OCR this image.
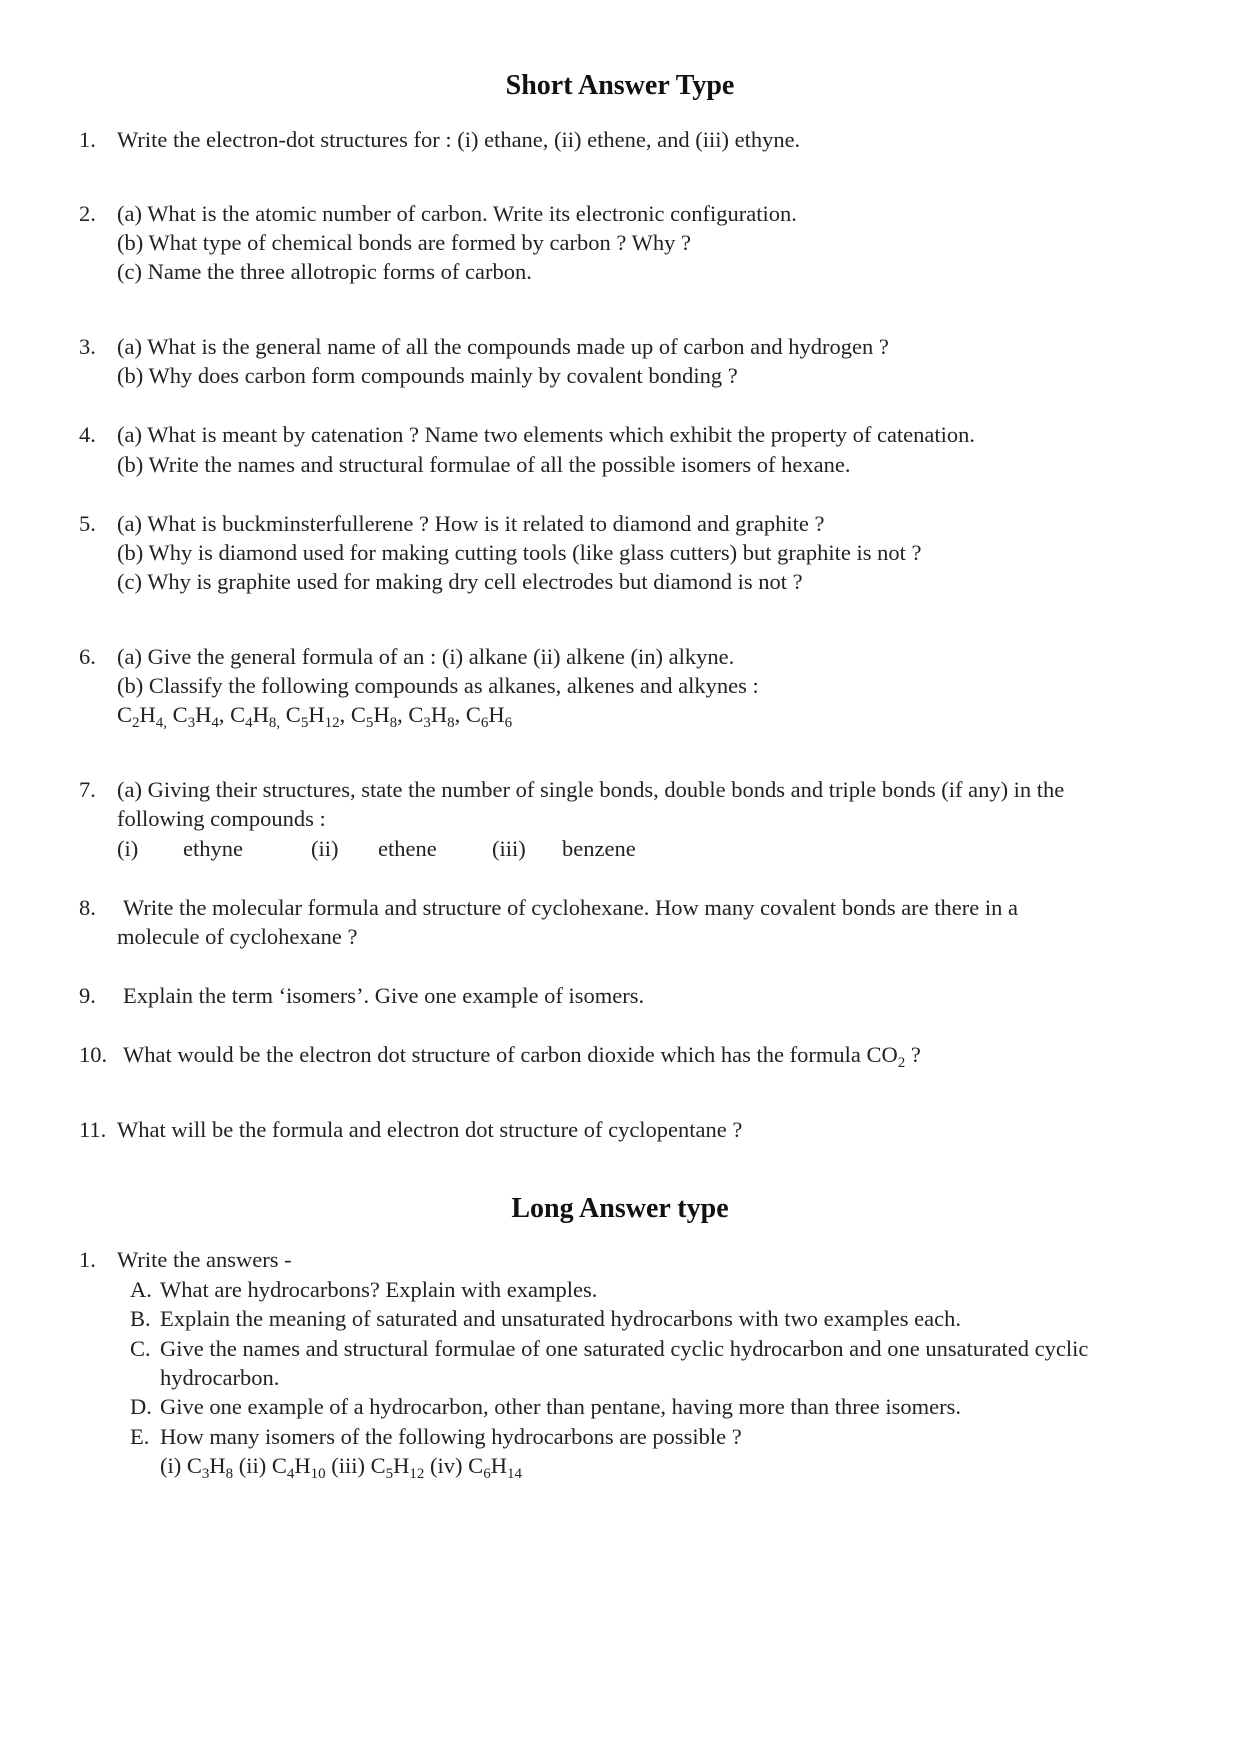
Short Answer Type
1. Write the electron-dot structures for : (i) ethane, (ii) ethene, and (iii) ethyne.
2. (a) What is the atomic number of carbon. Write its electronic configuration.
(b) What type of chemical bonds are formed by carbon ? Why ?
(c) Name the three allotropic forms of carbon.
3. (a) What is the general name of all the compounds made up of carbon and hydrogen ?
(b) Why does carbon form compounds mainly by covalent bonding ?
4. (a) What is meant by catenation ? Name two elements which exhibit the property of catenation.
(b) Write the names and structural formulae of all the possible isomers of hexane.
5. (a) What is buckminsterfullerene ? How is it related to diamond and graphite ?
(b) Why is diamond used for making cutting tools (like glass cutters) but graphite is not ?
(c) Why is graphite used for making dry cell electrodes but diamond is not ?
6. (a) Give the general formula of an : (i) alkane (ii) alkene (in) alkyne.
(b) Classify the following compounds as alkanes, alkenes and alkynes :
$C_2H_{4,}$ $C_3H_4$, $C_4H_{8,}$ $C_5H_{12}$, $C_5H_8$, $C_3H_8$, $C_6H_6$
7. (a) Giving their structures, state the number of single bonds, double bonds and triple bonds (if any) in the
following compounds :
(i) ethyne	(ii) ethene (iii) benzene
8. Write the molecular formula and structure of cyclohexane. How many covalent bonds are there in a
molecule of cyclohexane ?
9. Explain the term ‘isomers’. Give one example of isomers.
10. What would be the electron dot structure of carbon dioxide which has the formula $CO_2$ ?
11. What will be the formula and electron dot structure of cyclopentane ?
Long Answer type
1. Write the answers -
A. What are hydrocarbons? Explain with examples.
B. Explain the meaning of saturated and unsaturated hydrocarbons with two examples each.
C. Give the names and structural formulae of one saturated cyclic hydrocarbon and one unsaturated cyclic
hydrocarbon.
D. Give one example of a hydrocarbon, other than pentane, having more than three isomers.
E. How many isomers of the following hydrocarbons are possible ?
(i) $C_3H_8$ (ii) $C_4H_{10}$ (iii) $C_5H_{12}$ (iv) $C_6H_{14}$
